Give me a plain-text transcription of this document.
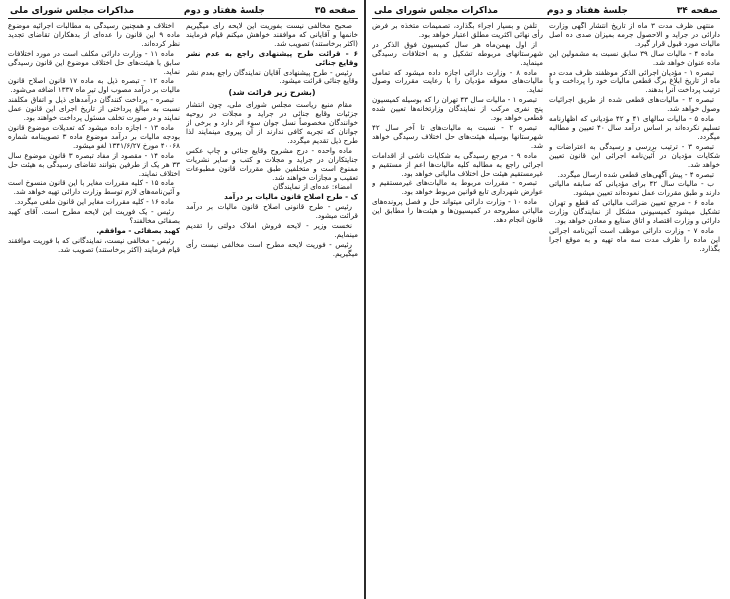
صفحه ۳۵
جلسهٔ هفتاد و دوم
مذاکرات مجلس شورای ملی

صحیح مخالفی نیست بفوریت این لایحه رأی میگیریم خانمها و آقایانی که موافقند خواهش میکنم قیام فرمایند (اکثر برخاستند) تصویب شد.

۶ - قرائت طرح پیشنهادی راجع به عدم نشر وقایع جنائی

رئیس - طرح پیشنهادی آقایان نمایندگان راجع بعدم نشر وقایع جنائی قرائت میشود.

(بشرح زیر قرائت شد)

مقام منیع ریاست مجلس شورای ملی، چون انتشار جزئیات وقایع جنائی در جراید و مجلات در روحیه خوانندگان مخصوصاً نسل جوان سوء اثر دارد و برخی از جوانان که تجربه کافی ندارند از آن پیروی مینمایند لذا طرح ذیل تقدیم میگردد.

ماده واحده - درج مشروح وقایع جنائی و چاپ عکس جنایتکاران در جراید و مجلات و کتب و سایر نشریات ممنوع است و متخلفین طبق مقررات قانون مطبوعات تعقیب و مجازات خواهند شد.

امضاء: عده‌ای از نمایندگان

ک - طرح اصلاح قانون مالیات بر درآمد

رئیس - طرح قانونی اصلاح قانون مالیات بر درآمد قرائت میشود.

نخست وزیر - لایحه فروش املاک دولتی را تقدیم مینمایم.

رئیس - فوریت لایحه مطرح است مخالفی نیست رأی میگیریم.

اختلاف و همچنین رسیدگی به مطالبات اجرائیه موضوع ماده ۹ این قانون را عده‌ای از بدهکاران تقاضای تجدید نظر کرده‌اند.

ماده ۱۱ - وزارت دارائی مکلف است در مورد اختلافات سابق با هیئت‌های حل اختلاف موضوع این قانون رسیدگی نماید.

ماده ۱۲ - تبصره ذیل به ماده ۱۷ قانون اصلاح قانون مالیات بر درآمد مصوب اول تیر ماه ۱۳۳۷ اضافه می‌شود.

تبصره - پرداخت کنندگان درآمدهای ذیل و اتفاق مکلفند نسبت به مبالغ پرداختی از تاریخ اجرای این قانون عمل نمایند و در صورت تخلف مسئول پرداخت خواهند بود.

ماده ۱۳ - اجازه داده میشود که تعدیلات موضوع قانون بودجه مالیات بر درآمد موضوع ماده ۳ تصویبنامه شماره ۴۰۰۶۸ مورخ ۱۳۴۱/۶/۲۷ لغو میشود.

ماده ۱۴ - مقصود از مفاد تبصره ۳ قانون موضوع سال ۳۳ هر یک از طرفین بتوانند تقاضای رسیدگی به هیئت حل اختلاف نمایند.

ماده ۱۵ - کلیه مقررات مغایر با این قانون منسوخ است و آئین‌نامه‌های لازم توسط وزارت دارائی تهیه خواهد شد.

ماده ۱۶ - کلیه مقررات مغایر این قانون ملغی میگردد.

رئیس - یک فوریت این لایحه مطرح است. آقای کهبد بصفائی مخالفند؟

کهبد بصفائی - موافقم.

رئیس - مخالفی نیست، نمایندگانی که با فوریت موافقند قیام فرمایند (اکثر برخاستند) تصویب شد.

صفحه ۳۴
جلسهٔ هفتاد و دوم
مذاکرات مجلس شورای ملی

منتهی ظرف مدت ۳ ماه از تاریخ انتشار آگهی وزارت دارائی در جراید و الاحصول جرمه بمیزان صدی ده اصل مالیات مورد قبول قرار گیرد.

ماده ۴ - مالیات سال ۳۹ سابق نسبت به مشمولین این ماده عنوان خواهد شد.

تبصره ۱ - مؤدیان اجرائی الذکر موظفند ظرف مدت دو ماه از تاریخ ابلاغ برگ قطعی مالیات خود را پرداخت و یا ترتیب پرداخت آنرا بدهند.

تبصره ۲ - مالیات‌های قطعی شده از طریق اجرائیات وصول خواهد شد.

ماده ۵ - مالیات سالهای ۴۱ و ۴۲ مؤدیانی که اظهارنامه تسلیم نکرده‌اند بر اساس درآمد سال ۴۰ تعیین و مطالبه میگردد.

تبصره ۳ - ترتیب بررسی و رسیدگی به اعتراضات و شکایات مؤدیان در آئین‌نامه اجرائی این قانون تعیین خواهد شد.

تبصره ۴ - پیش آگهی‌های قطعی شده ارسال میگردد.

ب - مالیات سال ۴۲ برای مؤدیانی که سابقه مالیاتی دارند و طبق مقررات عمل نموده‌اند تعیین میشود.

ماده ۶ - مرجع تعیین ضرائب مالیاتی که قطع و تهران تشکیل میشود کمیسیونی مشکل از نمایندگان وزارت دارائی و وزارت اقتصاد و اتاق صنایع و معادن خواهد بود.

ماده ۷ - وزارت دارائی موظف است آئین‌نامه اجرائی این ماده را ظرف مدت سه ماه تهیه و به موقع اجرا بگذارد.

تلفن و بسیار اجراء بگذارد، تصمیمات متخذه بر فرض رأی نهائی اکثریت مطلق اعتبار خواهد بود.

از اول بهمن‌ماه هر سال کمیسیون فوق الذکر در شهرستانهای مربوطه تشکیل و به اختلافات رسیدگی مینماید.

ماده ۸ - وزارت دارائی اجازه داده میشود که تمامی مالیات‌های معوقه مؤدیان را با رعایت مقررات وصول نماید.

تبصره ۱ - مالیات سال ۴۳ تهران را که بوسیله کمیسیون پنج نفری مرکب از نمایندگان وزارتخانه‌ها تعیین شده قطعی خواهد بود.

تبصره ۲ - نسبت به مالیات‌های تا آخر سال ۴۲ شهرستانها بوسیله هیئت‌های حل اختلاف رسیدگی خواهد شد.

ماده ۹ - مرجع رسیدگی به شکایات ناشی از اقدامات اجرائی راجع به مطالبه کلیه مالیات‌ها اعم از مستقیم و غیرمستقیم هیئت حل اختلاف مالیاتی خواهد بود.

تبصره - مقررات مربوط به مالیات‌های غیرمستقیم و عوارض شهرداری تابع قوانین مربوط خواهد بود.

ماده ۱۰ - وزارت دارائی میتواند حل و فصل پرونده‌های مالیاتی مطروحه در کمیسیون‌ها و هیئت‌ها را مطابق این قانون انجام دهد.
